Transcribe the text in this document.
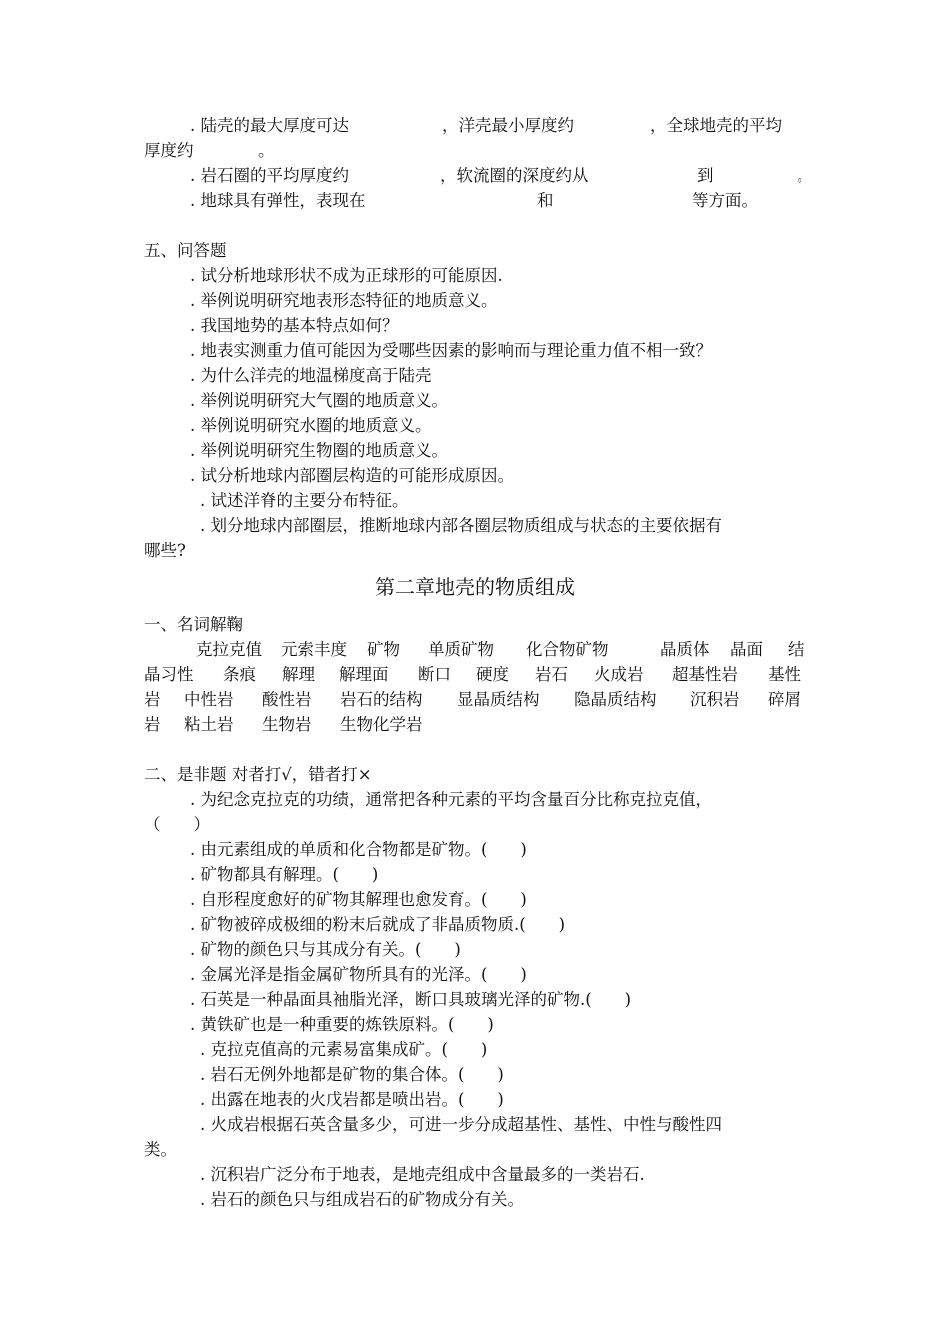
. 陆壳的最大厚度可达	，洋壳最小厚度约	，全球地壳的平均
厚度约	。
. 岩石圈的平均厚度约	，软流圈的深度约从	到	。
. 地球具有弹性，表现在	和	等方面。
五、问答题
. 试分析地球形状不成为正球形的可能原因.
. 举例说明研究地表形态特征的地质意义。
. 我国地势的基本特点如何？
. 地表实测重力值可能因为受哪些因素的影响而与理论重力值不相一致？
. 为什么洋壳的地温梯度高于陆壳
. 举例说明研究大气圈的地质意义。
. 举例说明研究水圈的地质意义。
. 举例说明研究生物圈的地质意义。
. 试分析地球内部圈层构造的可能形成原因。
. 试述洋脊的主要分布特征。
. 划分地球内部圈层，推断地球内部各圈层物质组成与状态的主要依据有
哪些?
第二章地壳的物质组成
一、名词解鞠
克拉克值 元索丰度 矿物 单质矿物 化合物矿物	晶质体 晶面 结
晶习性 条痕 解理 解理面 断口 硬度 岩石 火成岩 超基性岩 基性
岩 中性岩 酸性岩 岩石的结构 显晶质结构 隐晶质结构 沉积岩 碎屑
岩 粘土岩 生物岩 生物化学岩
二、是非题 对者打√，错者打×
. 为纪念克拉克的功绩，通常把各种元素的平均含量百分比称克拉克值，
（　　）
. 由元素组成的单质和化合物都是矿物。(　　)
. 矿物都具有解理。(　　)
. 自形程度愈好的矿物其解理也愈发育。(　　)
. 矿物被碎成极细的粉末后就成了非晶质物质.(　　)
. 矿物的颜色只与其成分有关。(　　)
. 金属光泽是指金属矿物所具有的光泽。(　　)
. 石英是一种晶面具袖脂光泽，断口具玻璃光泽的矿物.(　　)
. 黄铁矿也是一种重要的炼铁原料。(　　)
. 克拉克值高的元素易富集成矿。(　　)
. 岩石无例外地都是矿物的集合体。(　　)
. 出露在地表的火戊岩都是喷出岩。(　　)
. 火成岩根据石英含量多少，可进一步分成超基性、基性、中性与酸性四
类。
. 沉积岩广泛分布于地表，是地壳组成中含量最多的一类岩石.
. 岩石的颜色只与组成岩石的矿物成分有关。
